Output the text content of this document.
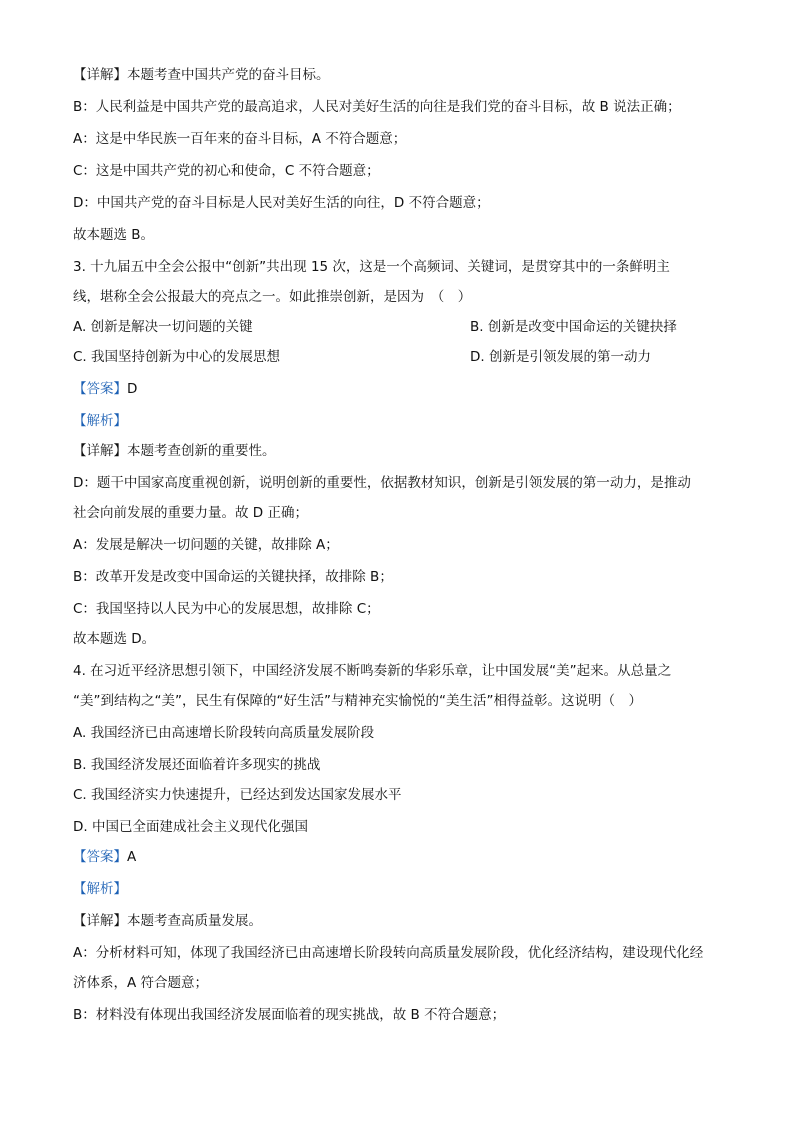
【详解】本题考查中国共产党的奋斗目标。
B：人民利益是中国共产党的最高追求，人民对美好生活的向往是我们党的奋斗目标，故 B 说法正确；
A：这是中华民族一百年来的奋斗目标，A 不符合题意；
C：这是中国共产党的初心和使命，C 不符合题意；
D：中国共产党的奋斗目标是人民对美好生活的向往，D 不符合题意；
故本题选 B。
3. 十九届五中全会公报中“创新”共出现 15 次，这是一个高频词、关键词，是贯穿其中的一条鲜明主
线，堪称全会公报最大的亮点之一。如此推崇创新，是因为　（　）
A. 创新是解决一切问题的关键	B. 创新是改变中国命运的关键抉择
C. 我国坚持创新为中心的发展思想	D. 创新是引领发展的第一动力
【答案】D
【解析】
【详解】本题考查创新的重要性。
D：题干中国家高度重视创新，说明创新的重要性，依据教材知识，创新是引领发展的第一动力，是推动
社会向前发展的重要力量。故 D 正确；
A：发展是解决一切问题的关键，故排除 A；
B：改革开发是改变中国命运的关键抉择，故排除 B；
C：我国坚持以人民为中心的发展思想，故排除 C；
故本题选 D。
4. 在习近平经济思想引领下，中国经济发展不断鸣奏新的华彩乐章，让中国发展“美”起来。从总量之
“美”到结构之“美”，民生有保障的“好生活”与精神充实愉悦的“美生活”相得益彰。这说明（　）
A. 我国经济已由高速增长阶段转向高质量发展阶段
B. 我国经济发展还面临着许多现实的挑战
C. 我国经济实力快速提升，已经达到发达国家发展水平
D. 中国已全面建成社会主义现代化强国
【答案】A
【解析】
【详解】本题考查高质量发展。
A：分析材料可知，体现了我国经济已由高速增长阶段转向高质量发展阶段，优化经济结构，建设现代化经
济体系，A 符合题意；
B：材料没有体现出我国经济发展面临着的现实挑战，故 B 不符合题意；
